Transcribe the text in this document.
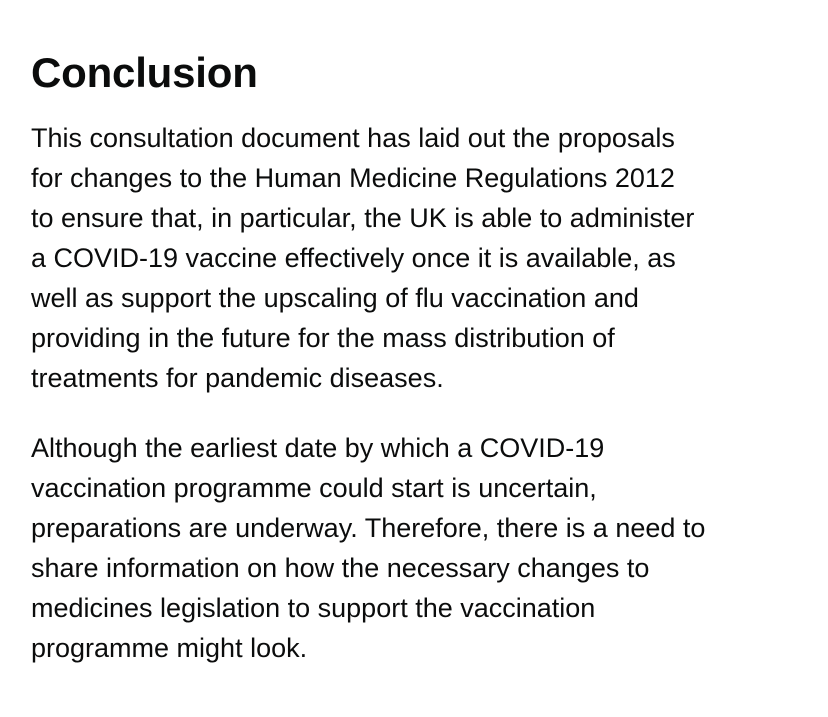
Conclusion

This consultation document has laid out the proposals
for changes to the Human Medicine Regulations 2012
to ensure that, in particular, the UK is able to administer
a COVID-19 vaccine effectively once it is available, as
well as support the upscaling of flu vaccination and
providing in the future for the mass distribution of
treatments for pandemic diseases.

Although the earliest date by which a COVID-19
vaccination programme could start is uncertain,
preparations are underway. Therefore, there is a need to
share information on how the necessary changes to
medicines legislation to support the vaccination
programme might look.
